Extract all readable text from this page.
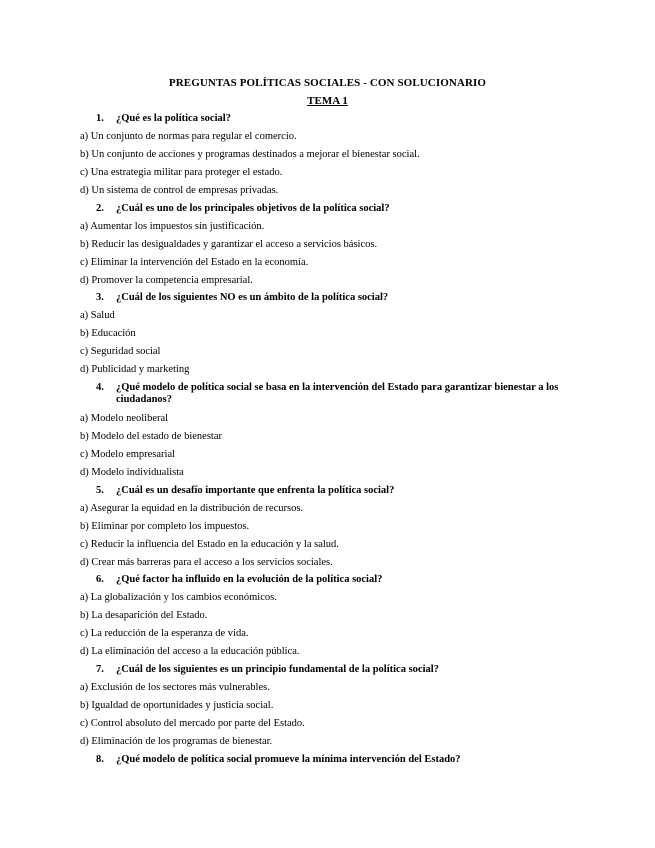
PREGUNTAS POLÍTICAS SOCIALES - CON SOLUCIONARIO
TEMA 1
1.	¿Qué es la política social?
a) Un conjunto de normas para regular el comercio.
b) Un conjunto de acciones y programas destinados a mejorar el bienestar social.
c) Una estrategia militar para proteger el estado.
d) Un sistema de control de empresas privadas.
2.	¿Cuál es uno de los principales objetivos de la política social?
a) Aumentar los impuestos sin justificación.
b) Reducir las desigualdades y garantizar el acceso a servicios básicos.
c) Eliminar la intervención del Estado en la economía.
d) Promover la competencia empresarial.
3.	¿Cuál de los siguientes NO es un ámbito de la política social?
a) Salud
b) Educación
c) Seguridad social
d) Publicidad y marketing
4.	¿Qué modelo de política social se basa en la intervención del Estado para garantizar bienestar a los ciudadanos?
a) Modelo neoliberal
b) Modelo del estado de bienestar
c) Modelo empresarial
d) Modelo individualista
5.	¿Cuál es un desafío importante que enfrenta la política social?
a) Asegurar la equidad en la distribución de recursos.
b) Eliminar por completo los impuestos.
c) Reducir la influencia del Estado en la educación y la salud.
d) Crear más barreras para el acceso a los servicios sociales.
6.	¿Qué factor ha influido en la evolución de la política social?
a) La globalización y los cambios económicos.
b) La desaparición del Estado.
c) La reducción de la esperanza de vida.
d) La eliminación del acceso a la educación pública.
7.	¿Cuál de los siguientes es un principio fundamental de la política social?
a) Exclusión de los sectores más vulnerables.
b) Igualdad de oportunidades y justicia social.
c) Control absoluto del mercado por parte del Estado.
d) Eliminación de los programas de bienestar.
8.	¿Qué modelo de política social promueve la mínima intervención del Estado?
